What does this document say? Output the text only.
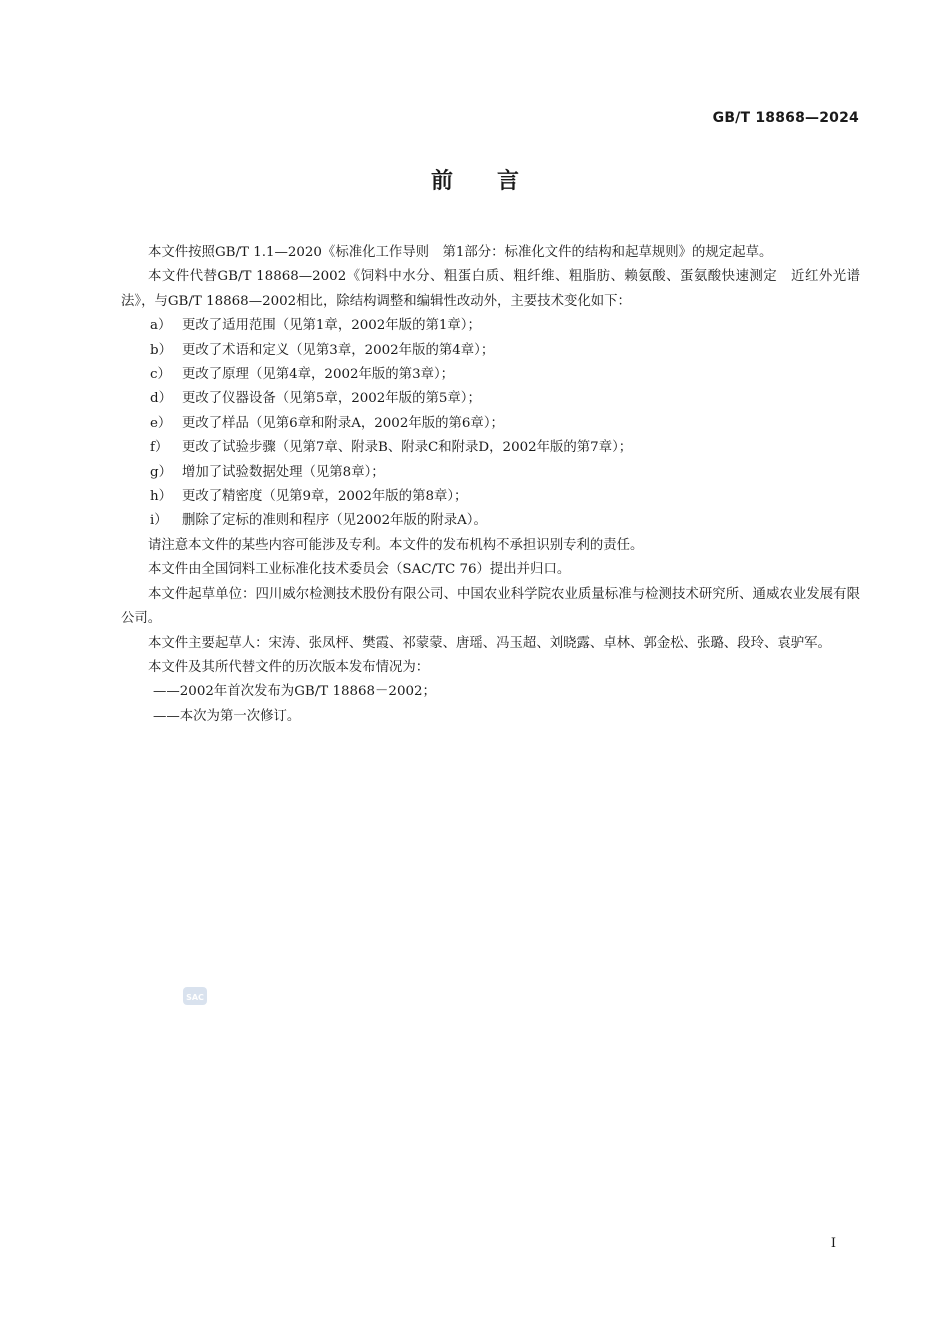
GB/T 18868—2024
前言

本文件按照GB/T 1.1—2020《标准化工作导则　第1部分：标准化文件的结构和起草规则》的规定起草。

本文件代替GB/T 18868—2002《饲料中水分、粗蛋白质、粗纤维、粗脂肪、赖氨酸、蛋氨酸快速测定　近红外光谱法》，与GB/T 18868—2002相比，除结构调整和编辑性改动外，主要技术变化如下：

a） 更改了适用范围（见第1章，2002年版的第1章）；

b） 更改了术语和定义（见第3章，2002年版的第4章）；

c） 更改了原理（见第4章，2002年版的第3章）；

d） 更改了仪器设备（见第5章，2002年版的第5章）；

e） 更改了样品（见第6章和附录A，2002年版的第6章）；

f） 更改了试验步骤（见第7章、附录B、附录C和附录D，2002年版的第7章）；

g） 增加了试验数据处理（见第8章）；

h） 更改了精密度（见第9章，2002年版的第8章）；

i） 删除了定标的准则和程序（见2002年版的附录A）。

请注意本文件的某些内容可能涉及专利。本文件的发布机构不承担识别专利的责任。

本文件由全国饲料工业标准化技术委员会（SAC/TC 76）提出并归口。

本文件起草单位：四川威尔检测技术股份有限公司、中国农业科学院农业质量标准与检测技术研究所、通威农业发展有限公司。

本文件主要起草人：宋涛、张凤枰、樊霞、祁蒙蒙、唐瑶、冯玉超、刘晓露、卓林、郭金松、张璐、段玲、袁驴军。

本文件及其所代替文件的历次版本发布情况为：

——2002年首次发布为GB/T 18868－2002；

——本次为第一次修订。

SAC
I
